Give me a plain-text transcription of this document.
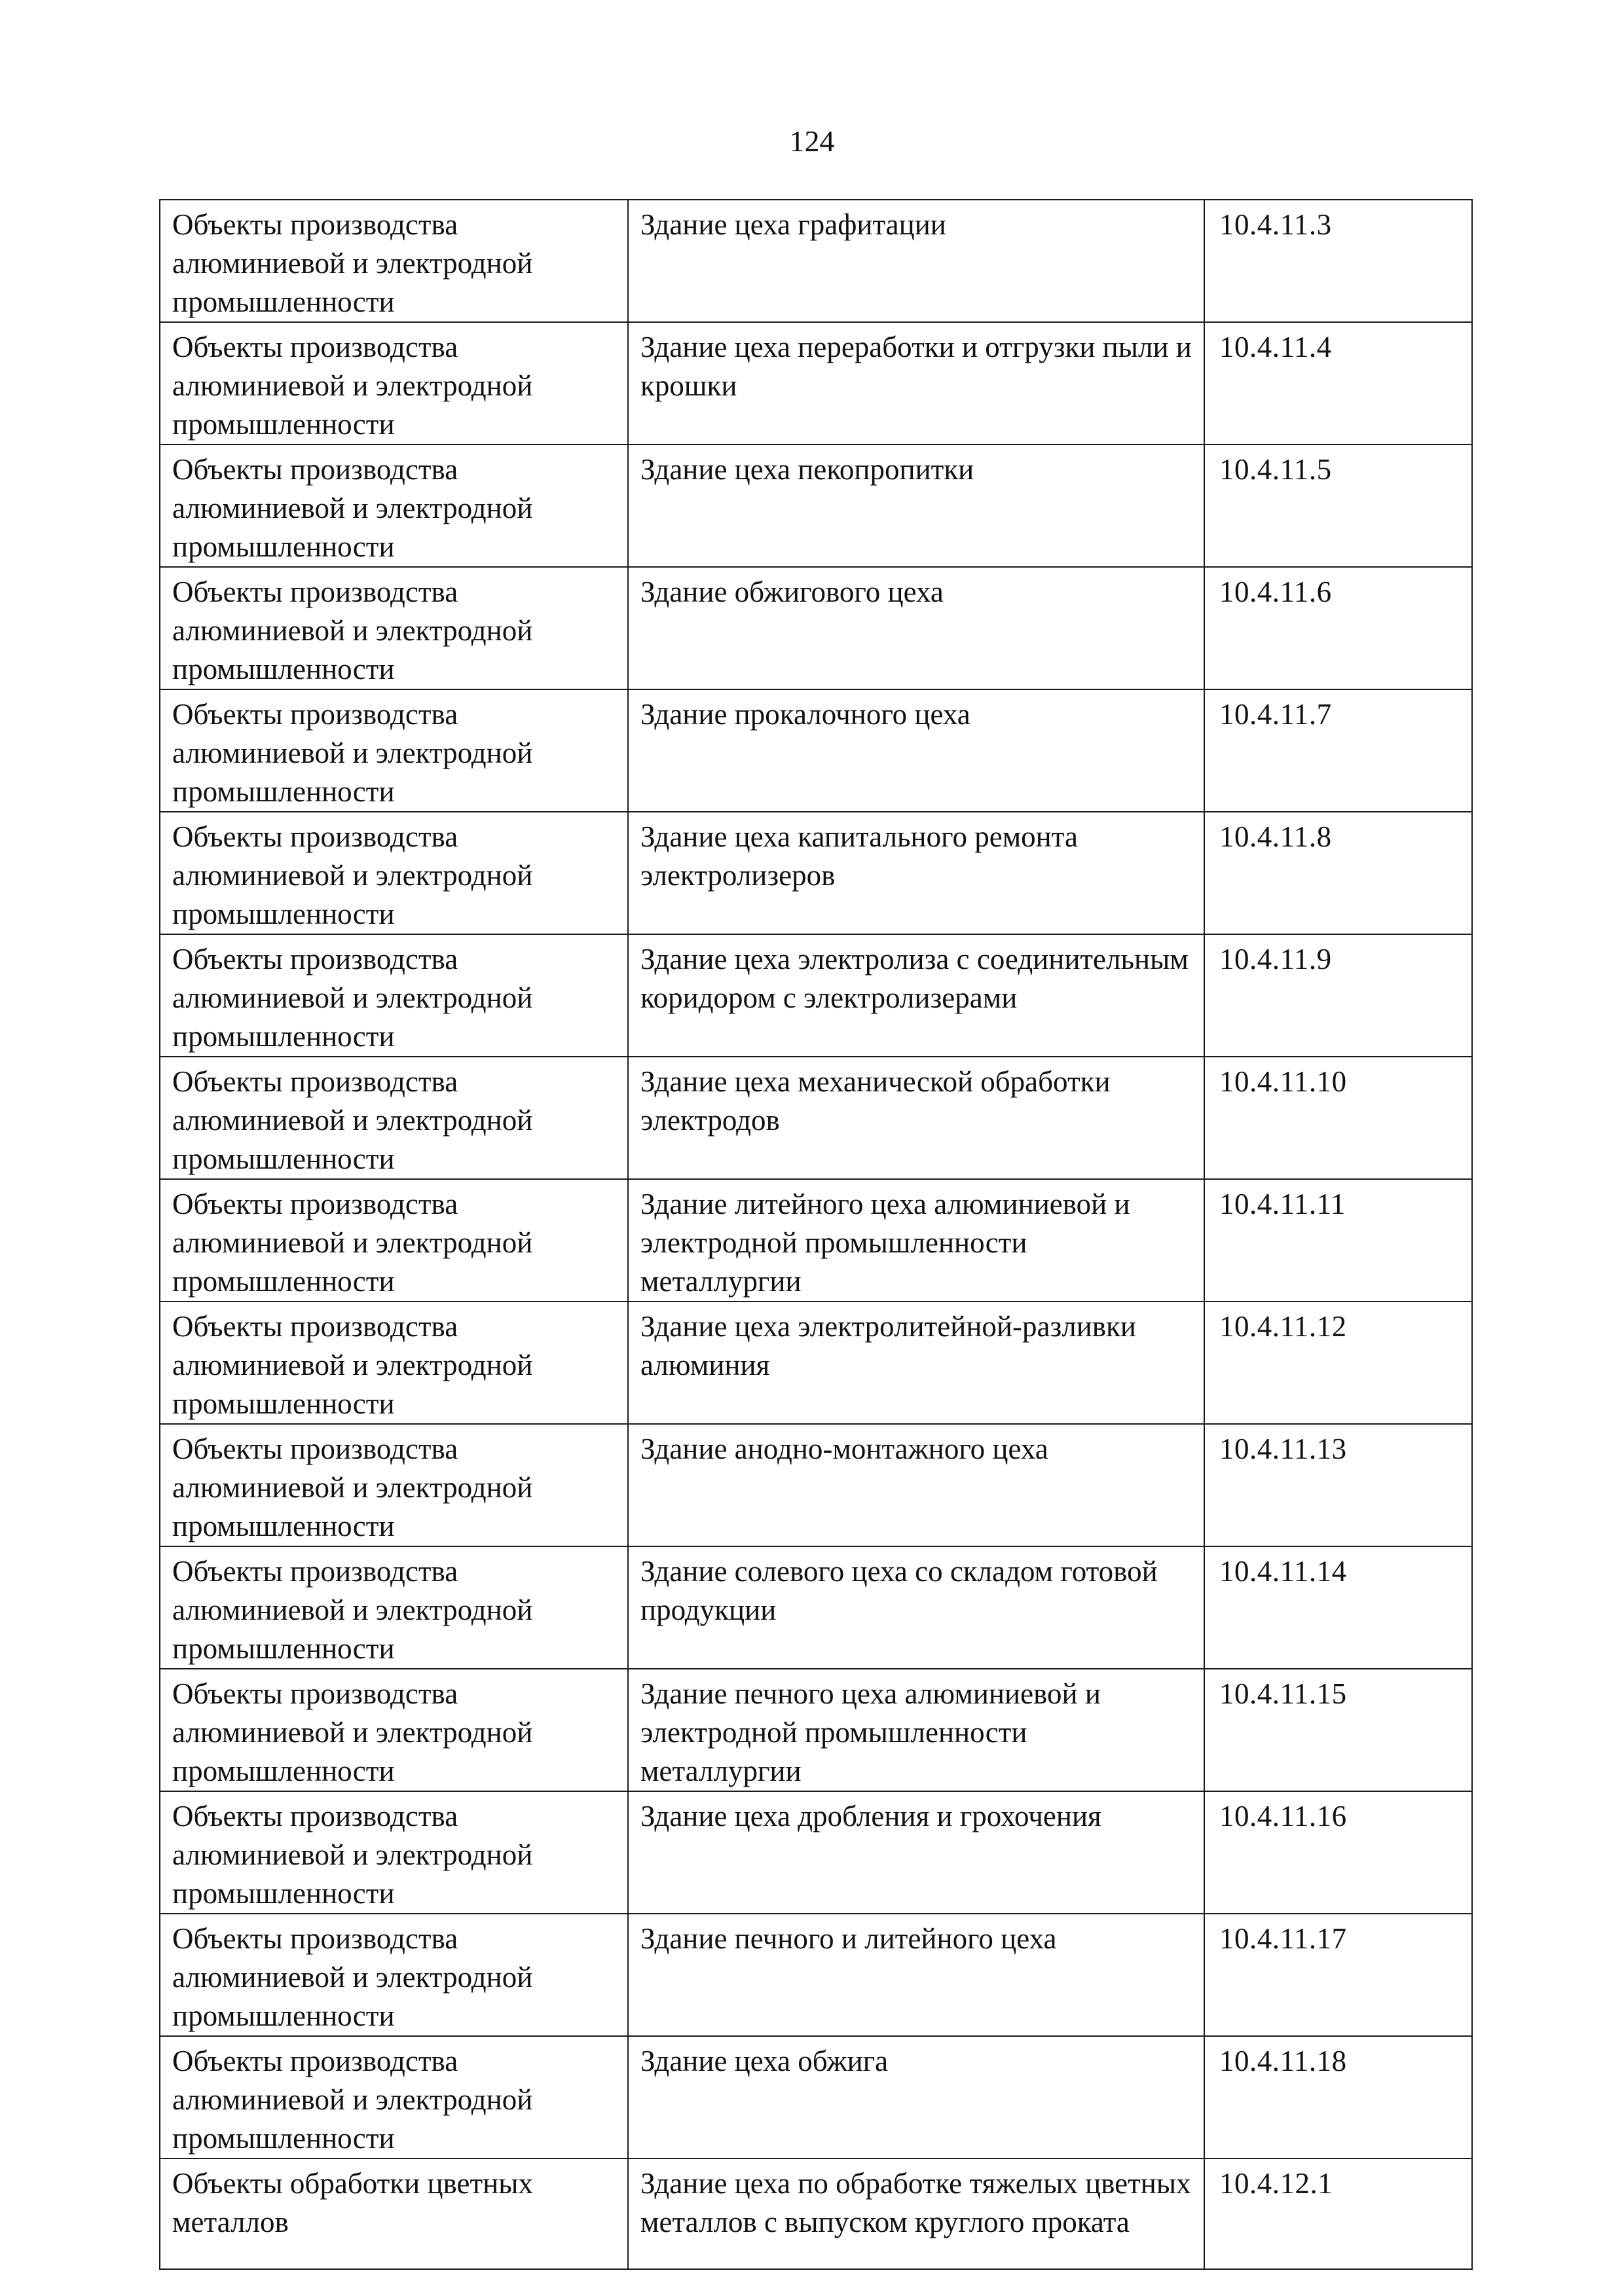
124
Объекты производства алюминиевой и электродной промышленности	Здание цеха графитации	10.4.11.3
Объекты производства алюминиевой и электродной промышленности	Здание цеха переработки и отгрузки пыли и крошки	10.4.11.4
Объекты производства алюминиевой и электродной промышленности	Здание цеха пекопропитки	10.4.11.5
Объекты производства алюминиевой и электродной промышленности	Здание обжигового цеха	10.4.11.6
Объекты производства алюминиевой и электродной промышленности	Здание прокалочного цеха	10.4.11.7
Объекты производства алюминиевой и электродной промышленности	Здание цеха капитального ремонта электролизеров	10.4.11.8
Объекты производства алюминиевой и электродной промышленности	Здание цеха электролиза с соединительным коридором с электролизерами	10.4.11.9
Объекты производства алюминиевой и электродной промышленности	Здание цеха механической обработки электродов	10.4.11.10
Объекты производства алюминиевой и электродной промышленности	Здание литейного цеха алюминиевой и электродной промышленности металлургии	10.4.11.11
Объекты производства алюминиевой и электродной промышленности	Здание цеха электролитейной-разливки алюминия	10.4.11.12
Объекты производства алюминиевой и электродной промышленности	Здание анодно-монтажного цеха	10.4.11.13
Объекты производства алюминиевой и электродной промышленности	Здание солевого цеха со складом готовой продукции	10.4.11.14
Объекты производства алюминиевой и электродной промышленности	Здание печного цеха алюминиевой и электродной промышленности металлургии	10.4.11.15
Объекты производства алюминиевой и электродной промышленности	Здание цеха дробления и грохочения	10.4.11.16
Объекты производства алюминиевой и электродной промышленности	Здание печного и литейного цеха	10.4.11.17
Объекты производства алюминиевой и электродной промышленности	Здание цеха обжига	10.4.11.18
Объекты обработки цветных металлов	Здание цеха по обработке тяжелых цветных металлов с выпуском круглого проката	10.4.12.1
